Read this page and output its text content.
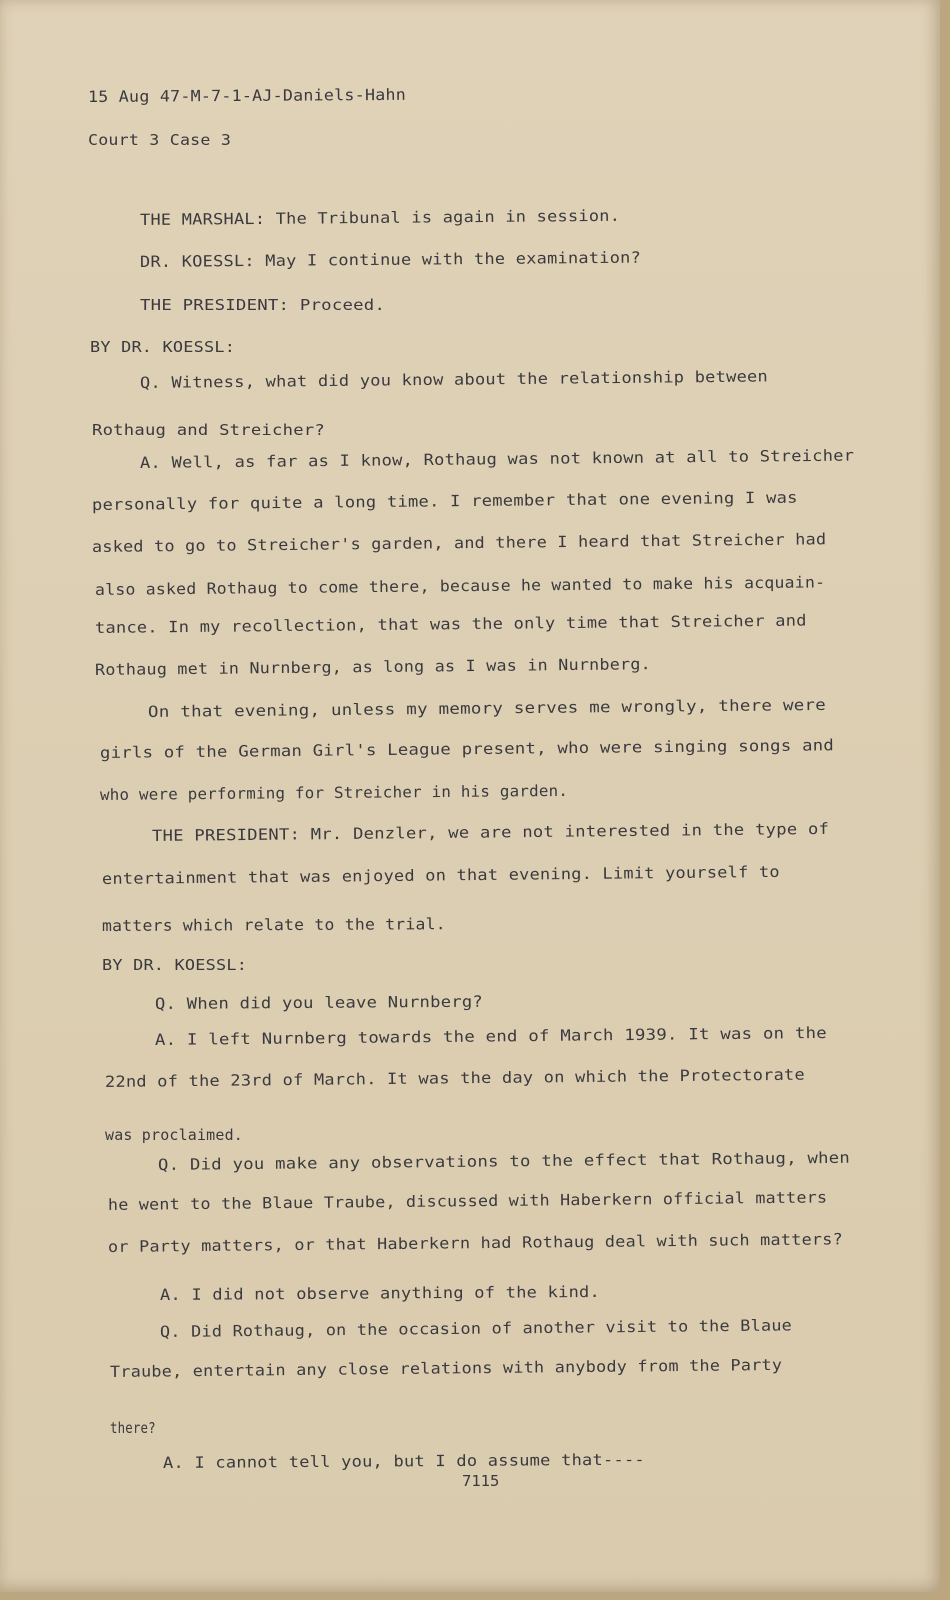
15 Aug 47-M-7-1-AJ-Daniels-Hahn

Court 3 Case 3

THE MARSHAL: The Tribunal is again in session.

DR. KOESSL: May I continue with the examination?

THE PRESIDENT: Proceed.

BY DR. KOESSL:

Q. Witness, what did you know about the relationship between

Rothaug and Streicher?

A. Well, as far as I know, Rothaug was not known at all to Streicher

personally for quite a long time. I remember that one evening I was

asked to go to Streicher's garden, and there I heard that Streicher had

also asked Rothaug to come there, because he wanted to make his acquain-

tance. In my recollection, that was the only time that Streicher and

Rothaug met in Nurnberg, as long as I was in Nurnberg.

On that evening, unless my memory serves me wrongly, there were

girls of the German Girl's League present, who were singing songs and

who were performing for Streicher in his garden.

THE PRESIDENT: Mr. Denzler, we are not interested in the type of

entertainment that was enjoyed on that evening. Limit yourself to

matters which relate to the trial.

BY DR. KOESSL:

Q. When did you leave Nurnberg?

A. I left Nurnberg towards the end of March 1939. It was on the

22nd of the 23rd of March. It was the day on which the Protectorate

was proclaimed.

Q. Did you make any observations to the effect that Rothaug, when

he went to the Blaue Traube, discussed with Haberkern official matters

or Party matters, or that Haberkern had Rothaug deal with such matters?

A. I did not observe anything of the kind.

Q. Did Rothaug, on the occasion of another visit to the Blaue

Traube, entertain any close relations with anybody from the Party

there?

A. I cannot tell you, but I do assume that----

7115
